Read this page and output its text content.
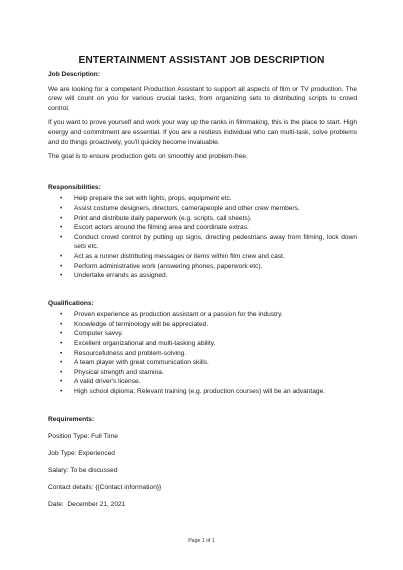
ENTERTAINMENT ASSISTANT JOB DESCRIPTION

Job Description:

We are looking for a competent Production Assistant to support all aspects of film or TV production. The crew will count on you for various crucial tasks, from organizing sets to distributing scripts to crowd control.

If you want to prove yourself and work your way up the ranks in filmmaking, this is the place to start. High energy and commitment are essential. If you are a restless individual who can multi-task, solve problems and do things proactively, you'll quickly become invaluable.

The goal is to ensure production gets on smoothly and problem-free.

Responsibilities:

• Help prepare the set with lights, props, equipment etc.
• Assist costume designers, directors, camerapeople and other crew members.
• Print and distribute daily paperwork (e.g. scripts, call sheets).
• Escort actors around the filming area and coordinate extras.
• Conduct crowd control by putting up signs, directing pedestrians away from filming, lock down sets etc.
• Act as a runner distributing messages or items within film crew and cast.
• Perform administrative work (answering phones, paperwork etc).
• Undertake errands as assigned.

Qualifications:

• Proven experience as production assistant or a passion for the industry.
• Knowledge of terminology will be appreciated.
• Computer savvy.
• Excellent organizational and multi-tasking ability.
• Resourcefulness and problem-solving.
• A team player with great communication skills.
• Physical strength and stamina.
• A valid driver's license.
• High school diploma; Relevant training (e.g. production courses) will be an advantage.

Requirements:

Position Type: Full Time

Job Type: Experienced

Salary: To be discussed

Contact details: {{Contact information}}

Date:  December 21, 2021

Page 1 of 1
